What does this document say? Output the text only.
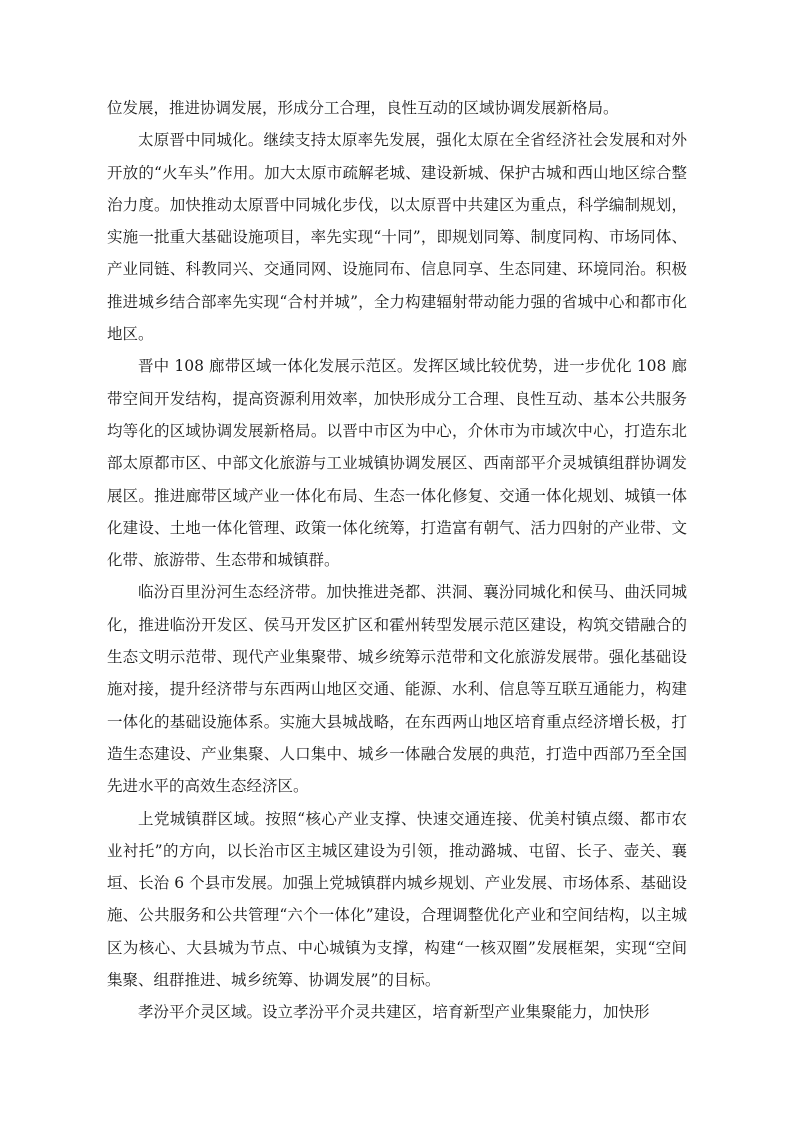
位发展，推进协调发展，形成分工合理，良性互动的区域协调发展新格局。

太原晋中同城化。继续支持太原率先发展，强化太原在全省经济社会发展和对外开放的“火车头”作用。加大太原市疏解老城、建设新城、保护古城和西山地区综合整治力度。加快推动太原晋中同城化步伐，以太原晋中共建区为重点，科学编制规划，实施一批重大基础设施项目，率先实现“十同”，即规划同筹、制度同构、市场同体、产业同链、科教同兴、交通同网、设施同布、信息同享、生态同建、环境同治。积极推进城乡结合部率先实现“合村并城”，全力构建辐射带动能力强的省城中心和都市化地区。

晋中 108 廊带区域一体化发展示范区。发挥区域比较优势，进一步优化 108 廊带空间开发结构，提高资源利用效率，加快形成分工合理、良性互动、基本公共服务均等化的区域协调发展新格局。以晋中市区为中心，介休市为市域次中心，打造东北部太原都市区、中部文化旅游与工业城镇协调发展区、西南部平介灵城镇组群协调发展区。推进廊带区域产业一体化布局、生态一体化修复、交通一体化规划、城镇一体化建设、土地一体化管理、政策一体化统筹，打造富有朝气、活力四射的产业带、文化带、旅游带、生态带和城镇群。

临汾百里汾河生态经济带。加快推进尧都、洪洞、襄汾同城化和侯马、曲沃同城化，推进临汾开发区、侯马开发区扩区和霍州转型发展示范区建设，构筑交错融合的生态文明示范带、现代产业集聚带、城乡统筹示范带和文化旅游发展带。强化基础设施对接，提升经济带与东西两山地区交通、能源、水利、信息等互联互通能力，构建一体化的基础设施体系。实施大县城战略，在东西两山地区培育重点经济增长极，打造生态建设、产业集聚、人口集中、城乡一体融合发展的典范，打造中西部乃至全国先进水平的高效生态经济区。

上党城镇群区域。按照“核心产业支撑、快速交通连接、优美村镇点缀、都市农业衬托”的方向，以长治市区主城区建设为引领，推动潞城、屯留、长子、壶关、襄垣、长治 6 个县市发展。加强上党城镇群内城乡规划、产业发展、市场体系、基础设施、公共服务和公共管理“六个一体化”建设，合理调整优化产业和空间结构，以主城区为核心、大县城为节点、中心城镇为支撑，构建“一核双圈”发展框架，实现“空间集聚、组群推进、城乡统筹、协调发展”的目标。

孝汾平介灵区域。设立孝汾平介灵共建区，培育新型产业集聚能力，加快形
